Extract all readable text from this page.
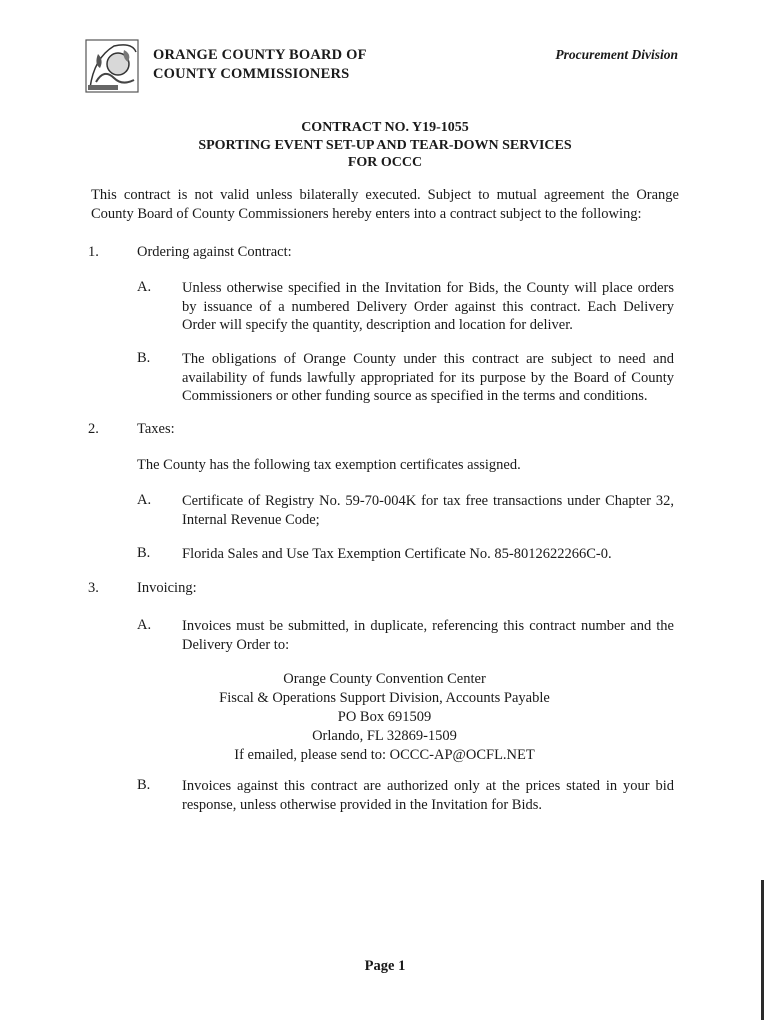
ORANGE COUNTY BOARD OF
COUNTY COMMISSIONERS
Procurement Division
CONTRACT NO. Y19-1055
SPORTING EVENT SET-UP AND TEAR-DOWN SERVICES
FOR OCCC
This contract is not valid unless bilaterally executed. Subject to mutual agreement the Orange County Board of County Commissioners hereby enters into a contract subject to the following:
1.	Ordering against Contract:
A. Unless otherwise specified in the Invitation for Bids, the County will place orders by issuance of a numbered Delivery Order against this contract. Each Delivery Order will specify the quantity, description and location for deliver.
B. The obligations of Orange County under this contract are subject to need and availability of funds lawfully appropriated for its purpose by the Board of County Commissioners or other funding source as specified in the terms and conditions.
2.	Taxes:
The County has the following tax exemption certificates assigned.
A. Certificate of Registry No. 59-70-004K for tax free transactions under Chapter 32, Internal Revenue Code;
B. Florida Sales and Use Tax Exemption Certificate No. 85-8012622266C-0.
3.	Invoicing:
A. Invoices must be submitted, in duplicate, referencing this contract number and the Delivery Order to:
Orange County Convention Center
Fiscal & Operations Support Division, Accounts Payable
PO Box 691509
Orlando, FL 32869-1509
If emailed, please send to: OCCC-AP@OCFL.NET
B. Invoices against this contract are authorized only at the prices stated in your bid response, unless otherwise provided in the Invitation for Bids.
Page 1
